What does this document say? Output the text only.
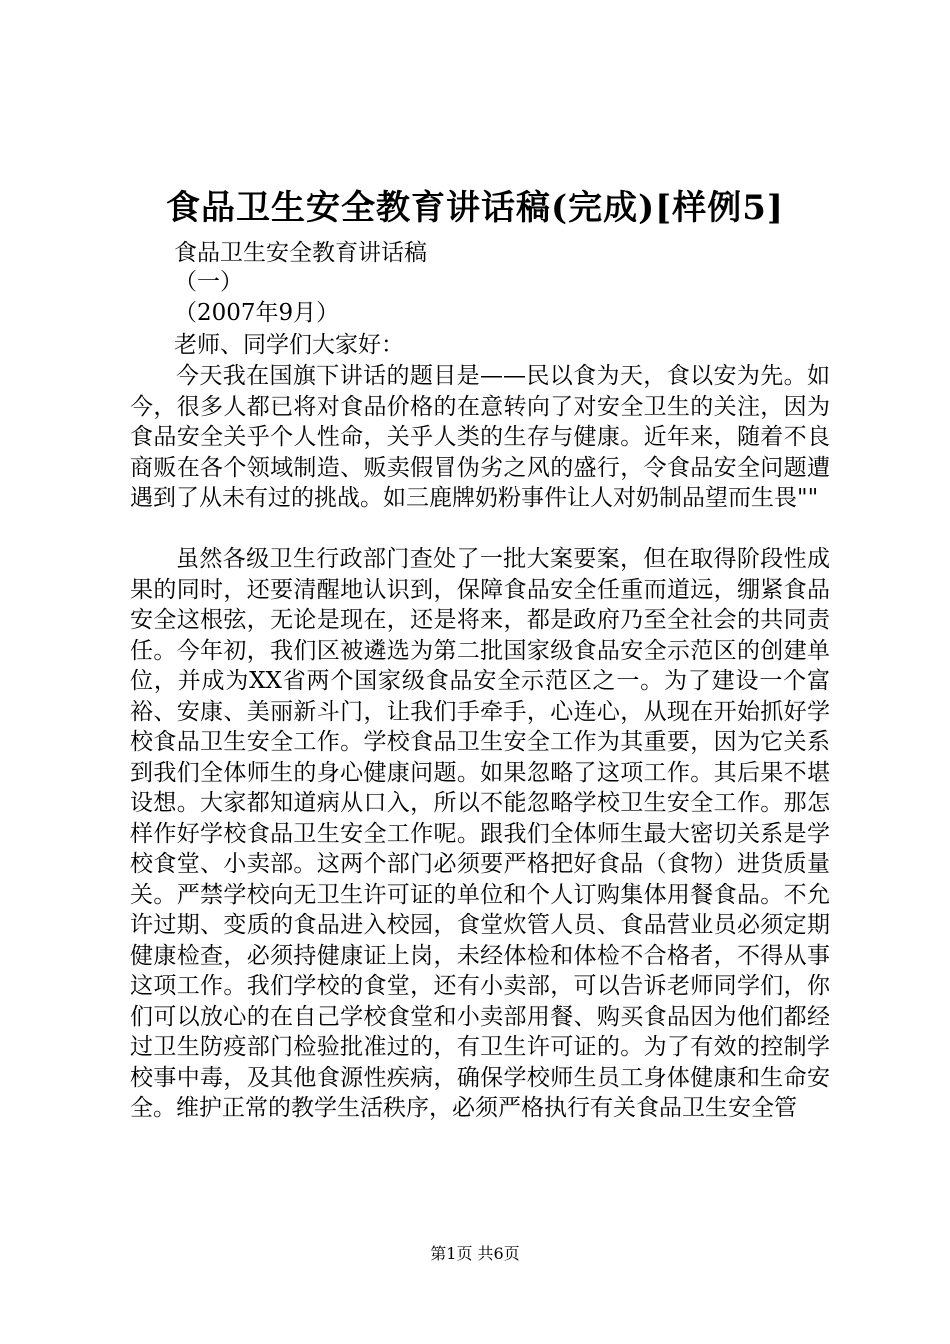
食品卫生安全教育讲话稿(完成)[样例5]
食品卫生安全教育讲话稿
（一）
（2007年9月）
老师、同学们大家好：

今天我在国旗下讲话的题目是——民以食为天，食以安为先。如今，很多人都已将对食品价格的在意转向了对安全卫生的关注，因为食品安全关乎个人性命，关乎人类的生存与健康。近年来，随着不良商贩在各个领域制造、贩卖假冒伪劣之风的盛行，令食品安全问题遭遇到了从未有过的挑战。如三鹿牌奶粉事件让人对奶制品望而生畏""

虽然各级卫生行政部门查处了一批大案要案，但在取得阶段性成果的同时，还要清醒地认识到，保障食品安全任重而道远，绷紧食品安全这根弦，无论是现在，还是将来，都是政府乃至全社会的共同责任。今年初，我们区被遴选为第二批国家级食品安全示范区的创建单位，并成为XX省两个国家级食品安全示范区之一。为了建设一个富裕、安康、美丽新斗门，让我们手牵手，心连心，从现在开始抓好学校食品卫生安全工作。学校食品卫生安全工作为其重要，因为它关系到我们全体师生的身心健康问题。如果忽略了这项工作。其后果不堪设想。大家都知道病从口入，所以不能忽略学校卫生安全工作。那怎样作好学校食品卫生安全工作呢。跟我们全体师生最大密切关系是学校食堂、小卖部。这两个部门必须要严格把好食品（食物）进货质量关。严禁学校向无卫生许可证的单位和个人订购集体用餐食品。不允许过期、变质的食品进入校园，食堂炊管人员、食品营业员必须定期健康检查，必须持健康证上岗，未经体检和体检不合格者，不得从事这项工作。我们学校的食堂，还有小卖部，可以告诉老师同学们，你们可以放心的在自己学校食堂和小卖部用餐、购买食品因为他们都经过卫生防疫部门检验批准过的，有卫生许可证的。为了有效的控制学校事中毒，及其他食源性疾病，确保学校师生员工身体健康和生命安全。维护正常的教学生活秩序，必须严格执行有关食品卫生安全管

第1页 共6页
